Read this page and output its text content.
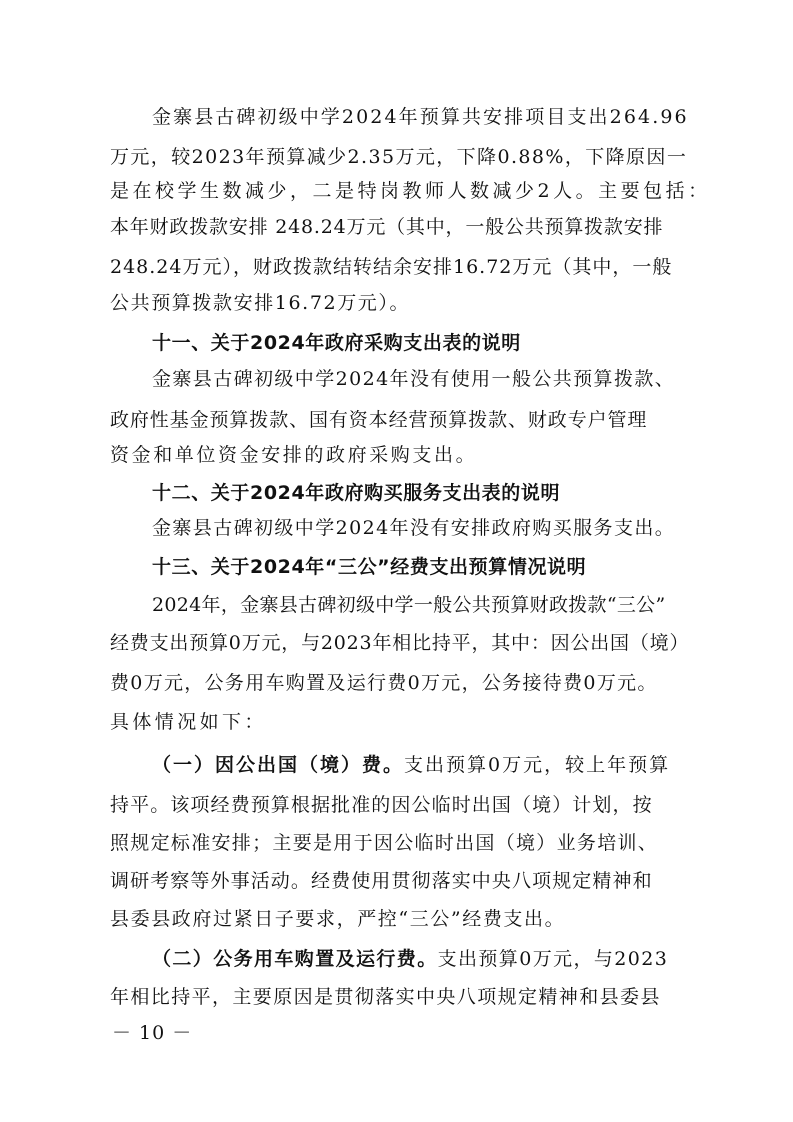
金寨县古碑初级中学2024年预算共安排项目支出264.96
万元，较2023年预算减少2.35万元，下降0.88%，下降原因一
是在校学生数减少，二是特岗教师人数减少2人。主要包括：
本年财政拨款安排 248.24万元（其中，一般公共预算拨款安排
248.24万元），财政拨款结转结余安排16.72万元（其中，一般
公共预算拨款安排16.72万元）。
十一、关于2024年政府采购支出表的说明
金寨县古碑初级中学2024年没有使用一般公共预算拨款、
政府性基金预算拨款、国有资本经营预算拨款、财政专户管理
资金和单位资金安排的政府采购支出。
十二、关于2024年政府购买服务支出表的说明
金寨县古碑初级中学2024年没有安排政府购买服务支出。
十三、关于2024年“三公”经费支出预算情况说明
2024年，金寨县古碑初级中学一般公共预算财政拨款“三公”
经费支出预算0万元，与2023年相比持平，其中：因公出国（境）
费0万元，公务用车购置及运行费0万元，公务接待费0万元。
具体情况如下：
（一）因公出国（境）费。支出预算0万元，较上年预算
持平。该项经费预算根据批准的因公临时出国（境）计划，按
照规定标准安排；主要是用于因公临时出国（境）业务培训、
调研考察等外事活动。经费使用贯彻落实中央八项规定精神和
县委县政府过紧日子要求，严控“三公”经费支出。
（二）公务用车购置及运行费。支出预算0万元，与2023
年相比持平，主要原因是贯彻落实中央八项规定精神和县委县
－ 10 －
